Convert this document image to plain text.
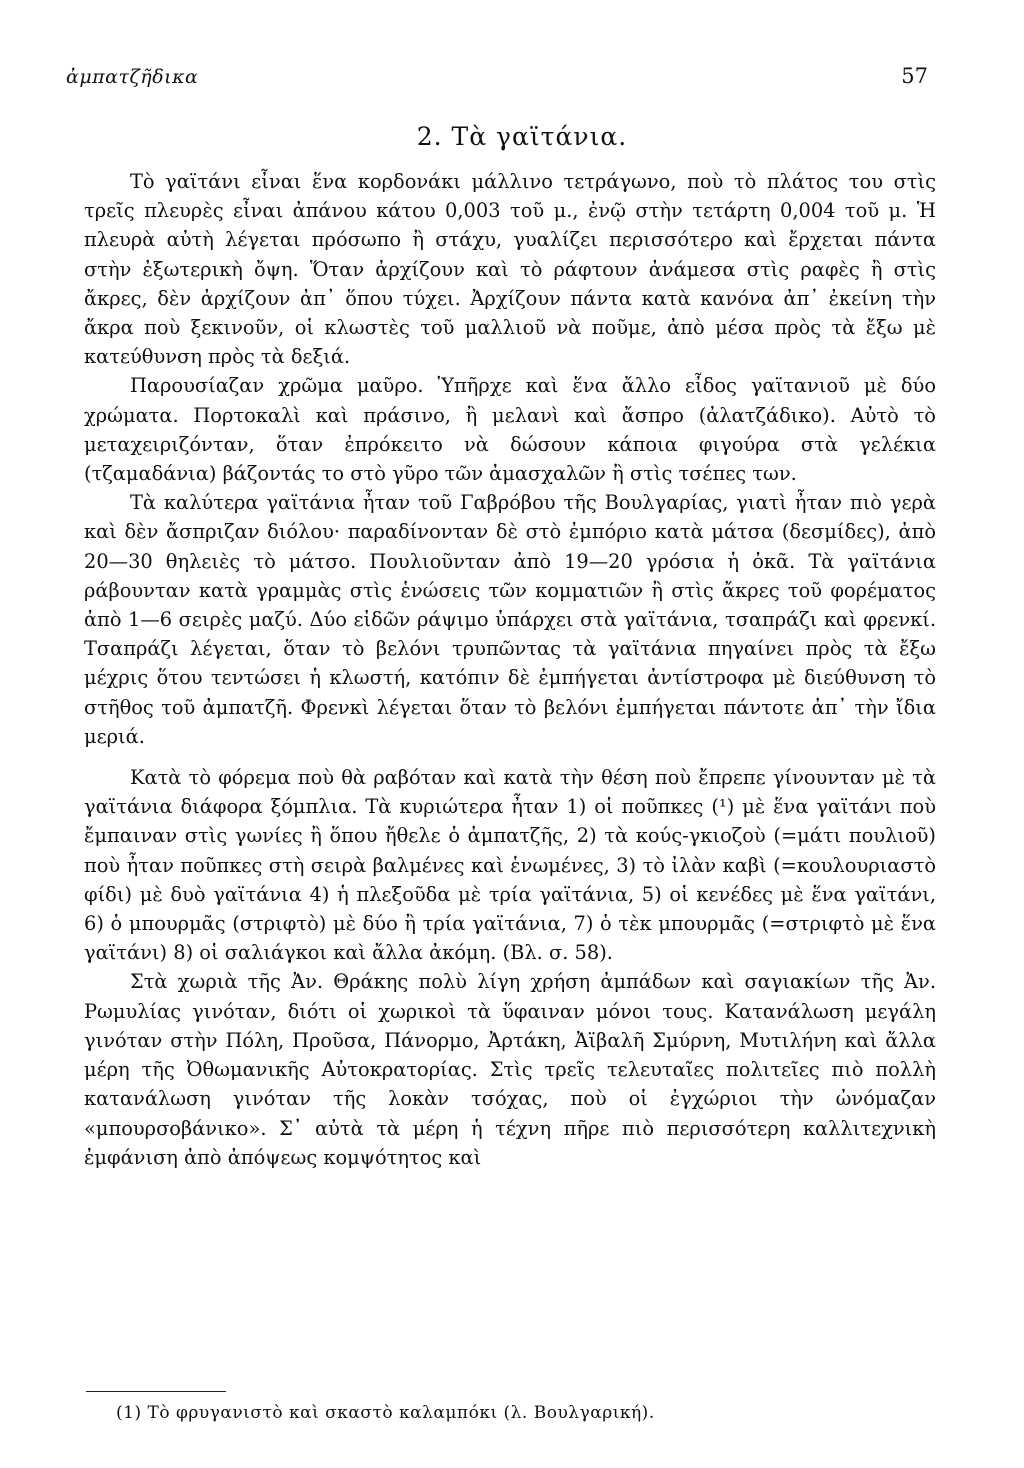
ἀμπατζῆδικα	57
2. Τὰ γαϊτάνια.

Τὸ γαϊτάνι εἶναι ἕνα κορδονάκι μάλλινο τετράγωνο, ποὺ τὸ πλάτος του στὶς τρεῖς πλευρὲς εἶναι ἀπάνου κάτου 0,003 τοῦ μ., ἐνῷ στὴν τετάρτη 0,004 τοῦ μ. Ἡ πλευρὰ αὐτὴ λέγεται πρόσωπο ἢ στάχυ, γυαλίζει περισσότερο καὶ ἔρχεται πάντα στὴν ἐξωτερικὴ ὄψη. Ὅταν ἀρχίζουν καὶ τὸ ράφτουν ἀνάμεσα στὶς ραφὲς ἢ στὶς ἄκρες, δὲν ἀρχίζουν ἀπ᾿ ὅπου τύχει. Ἀρχίζουν πάντα κατὰ κανόνα ἀπ᾿ ἐκείνη τὴν ἄκρα ποὺ ξεκινοῦν, οἱ κλωστὲς τοῦ μαλλιοῦ νὰ ποῦμε, ἀπὸ μέσα πρὸς τὰ ἔξω μὲ κατεύθυνση πρὸς τὰ δεξιά.

Παρουσίαζαν χρῶμα μαῦρο. Ὑπῆρχε καὶ ἕνα ἄλλο εἶδος γαϊτανιοῦ μὲ δύο χρώματα. Πορτοκαλὶ καὶ πράσινο, ἢ μελανὶ καὶ ἄσπρο (ἀλατζάδικο). Αὐτὸ τὸ μεταχειριζόνταν, ὅταν ἐπρόκειτο νὰ δώσουν κάποια φιγούρα στὰ γελέκια (τζαμαδάνια) βάζοντάς το στὸ γῦρο τῶν ἀμασχαλῶν ἢ στὶς τσέπες των.

Τὰ καλύτερα γαϊτάνια ἦταν τοῦ Γαβρόβου τῆς Βουλγαρίας, γιατὶ ἦταν πιὸ γερὰ καὶ δὲν ἄσπριζαν διόλου· παραδίνονταν δὲ στὸ ἐμπόριο κατὰ μάτσα (δεσμίδες), ἀπὸ 20—30 θηλειὲς τὸ μάτσο. Πουλιοῦνταν ἀπὸ 19—20 γρόσια ἡ ὀκᾶ. Τὰ γαϊτάνια ράβουνταν κατὰ γραμμὰς στὶς ἑνώσεις τῶν κομματιῶν ἢ στὶς ἄκρες τοῦ φορέματος ἀπὸ 1—6 σειρὲς μαζύ. Δύο εἰδῶν ράψιμο ὑπάρχει στὰ γαϊτάνια, τσαπράζι καὶ φρενκί. Τσαπράζι λέγεται, ὅταν τὸ βελόνι τρυπῶντας τὰ γαϊτάνια πηγαίνει πρὸς τὰ ἔξω μέχρις ὅτου τεντώσει ἡ κλωστή, κατόπιν δὲ ἐμπήγεται ἀντίστροφα μὲ διεύθυνση τὸ στῆθος τοῦ ἀμπατζῆ. Φρενκὶ λέγεται ὅταν τὸ βελόνι ἐμπήγεται πάντοτε ἀπ᾿ τὴν ἴδια μεριά.

Κατὰ τὸ φόρεμα ποὺ θὰ ραβόταν καὶ κατὰ τὴν θέση ποὺ ἔπρεπε γίνουνταν μὲ τὰ γαϊτάνια διάφορα ξόμπλια. Τὰ κυριώτερα ἦταν 1) οἱ ποῦπκες (¹) μὲ ἕνα γαϊτάνι ποὺ ἔμπαιναν στὶς γωνίες ἢ ὅπου ἤθελε ὁ ἀμπατζῆς, 2) τὰ κούς-γκιοζοὺ (=μάτι πουλιοῦ) ποὺ ἦταν ποῦπκες στὴ σειρὰ βαλμένες καὶ ἑνωμένες, 3) τὸ ἰλὰν καβὶ (=κουλουριαστὸ φίδι) μὲ δυὸ γαϊτάνια 4) ἡ πλεξοῦδα μὲ τρία γαϊτάνια, 5) οἱ κενέδες μὲ ἕνα γαϊτάνι, 6) ὁ μπουρμᾶς (στριφτὸ) μὲ δύο ἢ τρία γαϊτάνια, 7) ὁ τὲκ μπουρμᾶς (=στριφτὸ μὲ ἕνα γαϊτάνι) 8) οἱ σαλιάγκοι καὶ ἄλλα ἀκόμη. (Βλ. σ. 58).

Στὰ χωριὰ τῆς Ἀν. Θράκης πολὺ λίγη χρήση ἀμπάδων καὶ σαγιακίων τῆς Ἀν. Ρωμυλίας γινόταν, διότι οἱ χωρικοὶ τὰ ὕφαιναν μόνοι τους. Κατανάλωση μεγάλη γινόταν στὴν Πόλη, Προῦσα, Πάνορμο, Ἀρτάκη, Ἀϊβαλῆ Σμύρνη, Μυτιλήνη καὶ ἄλλα μέρη τῆς Ὀθωμανικῆς Αὐτοκρατορίας. Στὶς τρεῖς τελευταῖες πολιτεῖες πιὸ πολλὴ κατανάλωση γινόταν τῆς λοκὰν τσόχας, ποὺ οἱ ἐγχώριοι τὴν ὠνόμαζαν «μπουρσοβάνικο». Σ᾿ αὐτὰ τὰ μέρη ἡ τέχνη πῆρε πιὸ περισσότερη καλλιτεχνικὴ ἐμφάνιση ἀπὸ ἀπόψεως κομψότητος καὶ

(1) Τὸ φρυγανιστὸ καὶ σκαστὸ καλαμπόκι (λ. Βουλγαρική).
